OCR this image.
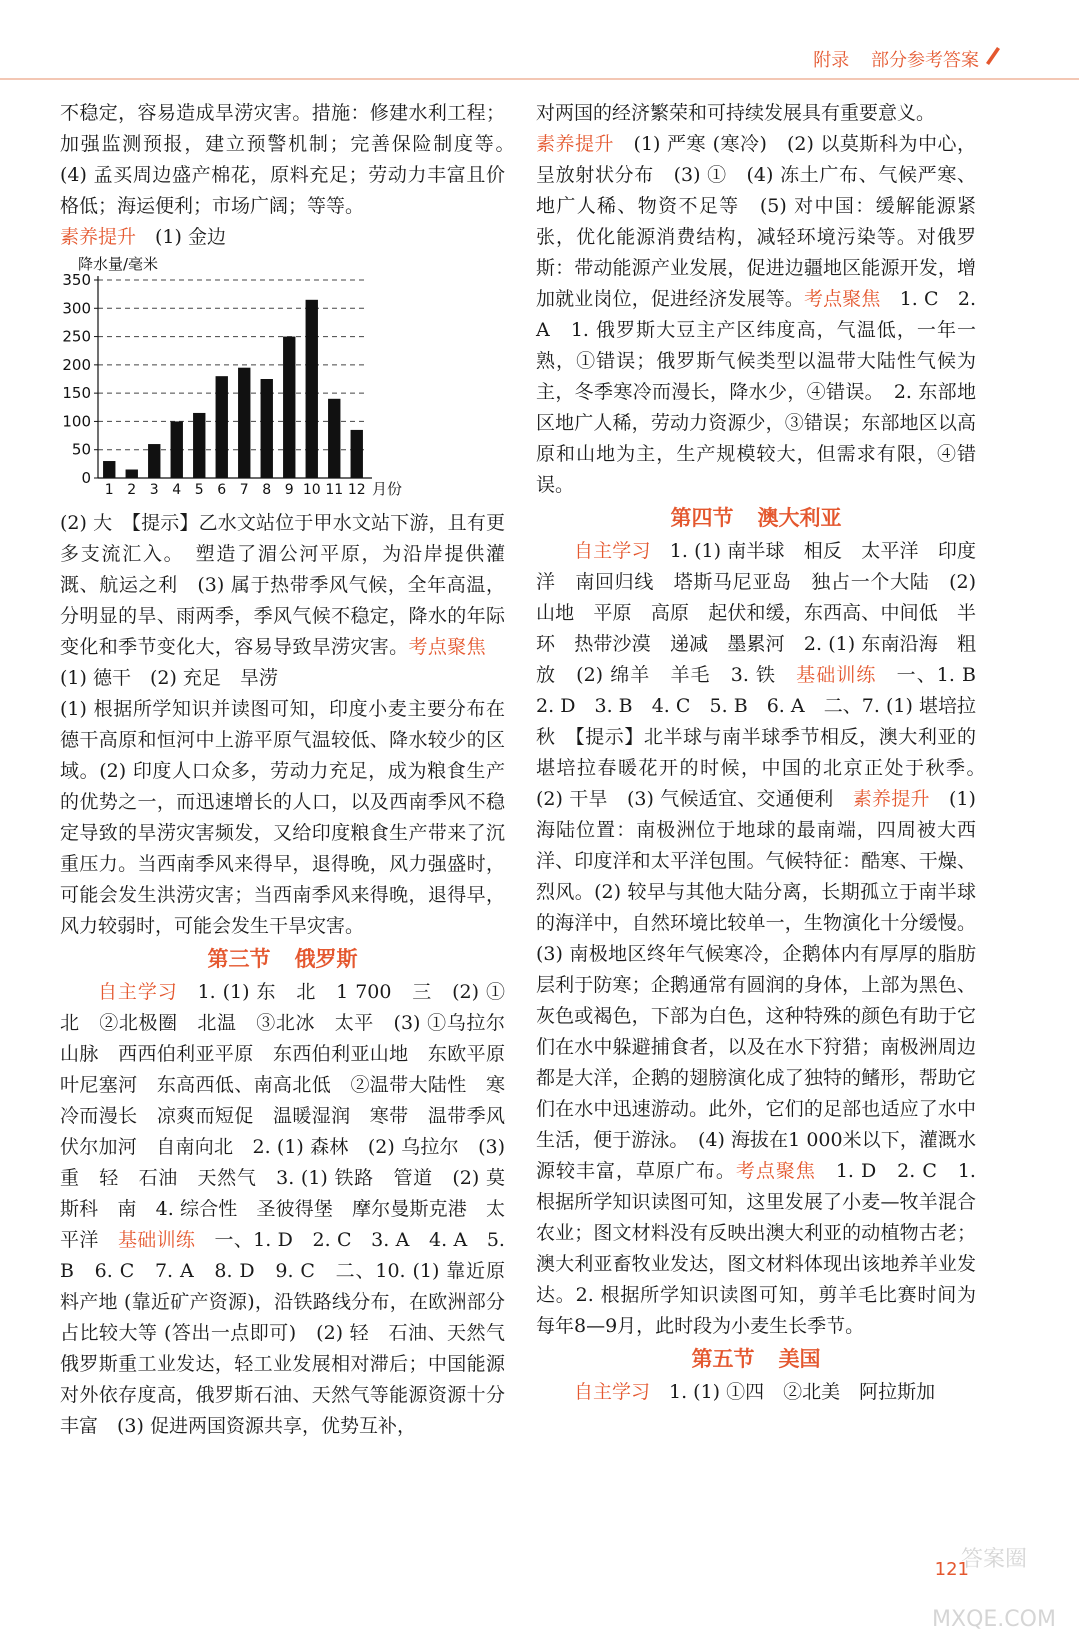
附录 部分参考答案

不稳定，容易造成旱涝灾害。措施：修建水利工程；加强监测预报，建立预警机制；完善保险制度等。　(4) 孟买周边盛产棉花，原料充足；劳动力丰富且价格低；海运便利；市场广阔；等等。

素养提升　(1) 金边

降水量/毫米
0
50
100
150
200
250
300
350
1 2 3 4 5 6 7 8 9 10 11 12 月份

(2) 大　【提示】乙水文站位于甲水文站下游，且有更多支流汇入。　塑造了湄公河平原，为沿岸提供灌溉、航运之利　(3) 属于热带季风气候，全年高温，分明显的旱、雨两季，季风气候不稳定，降水的年际变化和季节变化大，容易导致旱涝灾害。考点聚焦　(1) 德干　(2) 充足　旱涝

(1) 根据所学知识并读图可知，印度小麦主要分布在德干高原和恒河中上游平原气温较低、降水较少的区域。(2) 印度人口众多，劳动力充足，成为粮食生产的优势之一，而迅速增长的人口，以及西南季风不稳定导致的旱涝灾害频发，又给印度粮食生产带来了沉重压力。当西南季风来得早，退得晚，风力强盛时，可能会发生洪涝灾害；当西南季风来得晚，退得早，风力较弱时，可能会发生干旱灾害。

第三节 俄罗斯

自主学习　1. (1) 东　北　1 700　三　(2) ①北　②北极圈　北温　③北冰　太平　(3) ①乌拉尔山脉　西西伯利亚平原　东西伯利亚山地　东欧平原　叶尼塞河　东高西低、南高北低　②温带大陆性　寒冷而漫长　凉爽而短促　温暖湿润　寒带　温带季风　伏尔加河　自南向北　2. (1) 森林　(2) 乌拉尔　(3) 重　轻　石油　天然气　3. (1) 铁路　管道　(2) 莫斯科　南　4. 综合性　圣彼得堡　摩尔曼斯克港　太平洋　基础训练　一、1. D　2. C　3. A　4. A　5. B　6. C　7. A　8. D　9. C　二、10. (1) 靠近原料产地 (靠近矿产资源)，沿铁路线分布，在欧洲部分占比较大等 (答出一点即可)　(2) 轻　石油、天然气　俄罗斯重工业发达，轻工业发展相对滞后；中国能源对外依存度高，俄罗斯石油、天然气等能源资源十分丰富　(3) 促进两国资源共享，优势互补，

对两国的经济繁荣和可持续发展具有重要意义。

素养提升　(1) 严寒 (寒冷)　(2) 以莫斯科为中心，呈放射状分布　(3) ①　(4) 冻土广布、气候严寒、地广人稀、物资不足等　(5) 对中国：缓解能源紧张，优化能源消费结构，减轻环境污染等。对俄罗斯：带动能源产业发展，促进边疆地区能源开发，增加就业岗位，促进经济发展等。考点聚焦　1. C　2. A　1. 俄罗斯大豆主产区纬度高，气温低，一年一熟，①错误；俄罗斯气候类型以温带大陆性气候为主，冬季寒冷而漫长，降水少，④错误。　2. 东部地区地广人稀，劳动力资源少，③错误；东部地区以高原和山地为主，生产规模较大，但需求有限，④错误。

第四节 澳大利亚

自主学习　1. (1) 南半球　相反　太平洋　印度洋　南回归线　塔斯马尼亚岛　独占一个大陆　(2) 山地　平原　高原　起伏和缓，东西高、中间低　半环　热带沙漠　递减　墨累河　2. (1) 东南沿海　粗放　(2) 绵羊　羊毛　3. 铁　基础训练　一、1. B　2. D　3. B　4. C　5. B　6. A　二、7. (1) 堪培拉　秋　【提示】北半球与南半球季节相反，澳大利亚的堪培拉春暖花开的时候，中国的北京正处于秋季。　(2) 干旱　(3) 气候适宜、交通便利　素养提升　(1) 海陆位置：南极洲位于地球的最南端，四周被大西洋、印度洋和太平洋包围。气候特征：酷寒、干燥、烈风。(2) 较早与其他大陆分离，长期孤立于南半球的海洋中，自然环境比较单一，生物演化十分缓慢。(3) 南极地区终年气候寒冷，企鹅体内有厚厚的脂肪层利于防寒；企鹅通常有圆润的身体，上部为黑色、灰色或褐色，下部为白色，这种特殊的颜色有助于它们在水中躲避捕食者，以及在水下狩猎；南极洲周边都是大洋，企鹅的翅膀演化成了独特的鳍形，帮助它们在水中迅速游动。此外，它们的足部也适应了水中生活，便于游泳。　(4) 海拔在1 000米以下，灌溉水源较丰富，草原广布。考点聚焦　1. D　2. C　1. 根据所学知识读图可知，这里发展了小麦—牧羊混合农业；图文材料没有反映出澳大利亚的动植物古老；澳大利亚畜牧业发达，图文材料体现出该地养羊业发达。2. 根据所学知识读图可知，剪羊毛比赛时间为每年8—9月，此时段为小麦生长季节。

第五节 美国

自主学习　1. (1) ①四　②北美　阿拉斯加

121
答案圈 MXQE.COM
